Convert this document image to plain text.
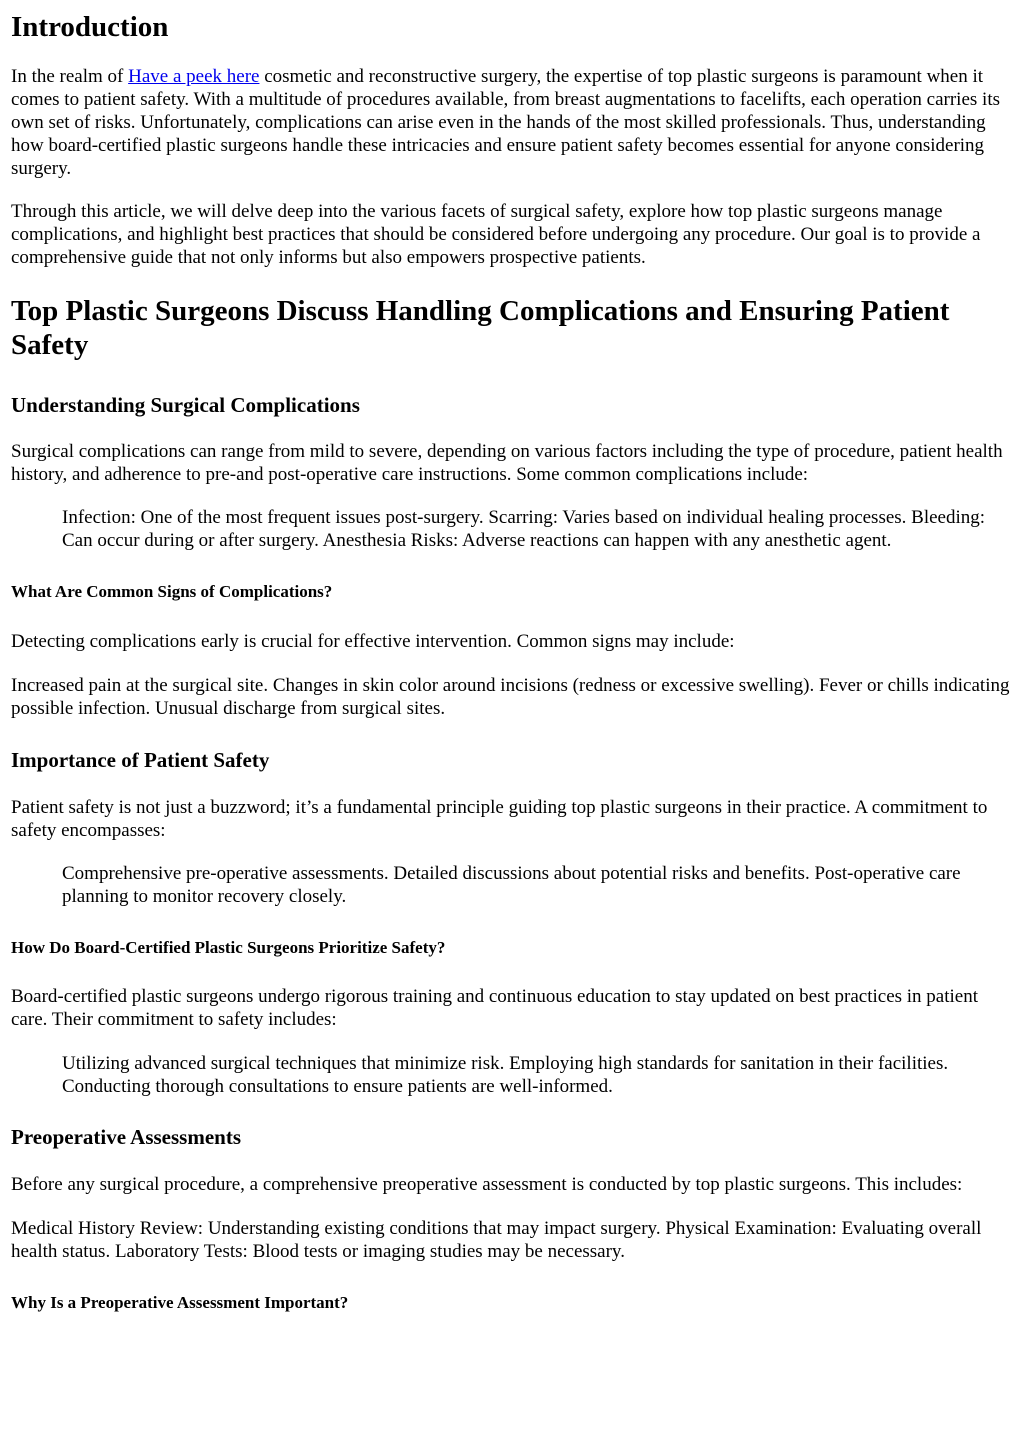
Introduction

In the realm of Have a peek here cosmetic and reconstructive surgery, the expertise of top plastic surgeons is paramount when it comes to patient safety. With a multitude of procedures available, from breast augmentations to facelifts, each operation carries its own set of risks. Unfortunately, complications can arise even in the hands of the most skilled professionals. Thus, understanding how board-certified plastic surgeons handle these intricacies and ensure patient safety becomes essential for anyone considering surgery.

Through this article, we will delve deep into the various facets of surgical safety, explore how top plastic surgeons manage complications, and highlight best practices that should be considered before undergoing any procedure. Our goal is to provide a comprehensive guide that not only informs but also empowers prospective patients.

Top Plastic Surgeons Discuss Handling Complications and Ensuring Patient Safety
Understanding Surgical Complications

Surgical complications can range from mild to severe, depending on various factors including the type of procedure, patient health history, and adherence to pre-and post-operative care instructions. Some common complications include:

Infection: One of the most frequent issues post-surgery. Scarring: Varies based on individual healing processes. Bleeding: Can occur during or after surgery. Anesthesia Risks: Adverse reactions can happen with any anesthetic agent.
What Are Common Signs of Complications?

Detecting complications early is crucial for effective intervention. Common signs may include:

Increased pain at the surgical site. Changes in skin color around incisions (redness or excessive swelling). Fever or chills indicating possible infection. Unusual discharge from surgical sites.

Importance of Patient Safety

Patient safety is not just a buzzword; it’s a fundamental principle guiding top plastic surgeons in their practice. A commitment to safety encompasses:

Comprehensive pre-operative assessments. Detailed discussions about potential risks and benefits. Post-operative care planning to monitor recovery closely.
How Do Board-Certified Plastic Surgeons Prioritize Safety?

Board-certified plastic surgeons undergo rigorous training and continuous education to stay updated on best practices in patient care. Their commitment to safety includes:

Utilizing advanced surgical techniques that minimize risk. Employing high standards for sanitation in their facilities. Conducting thorough consultations to ensure patients are well-informed.
Preoperative Assessments

Before any surgical procedure, a comprehensive preoperative assessment is conducted by top plastic surgeons. This includes:

Medical History Review: Understanding existing conditions that may impact surgery. Physical Examination: Evaluating overall health status. Laboratory Tests: Blood tests or imaging studies may be necessary.

Why Is a Preoperative Assessment Important?
